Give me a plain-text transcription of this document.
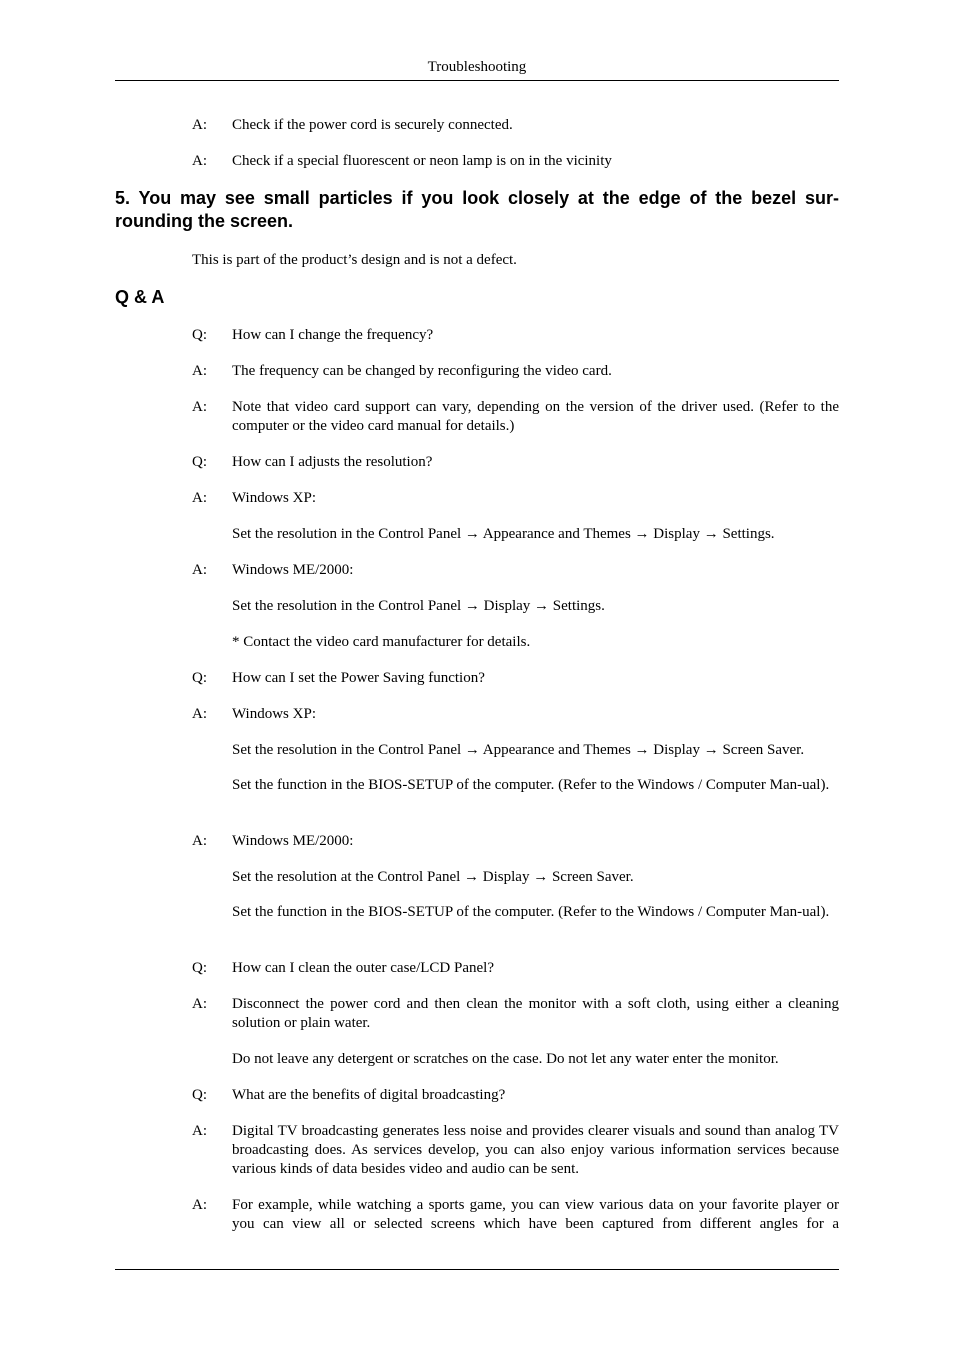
Troubleshooting
A:	Check if the power cord is securely connected.
A:	Check if a special fluorescent or neon lamp is on in the vicinity
5. You may see small particles if you look closely at the edge of the bezel sur-
rounding the screen.
This is part of the product’s design and is not a defect.
Q & A
Q:	How can I change the frequency?
A:	The frequency can be changed by reconfiguring the video card.
A:	Note that video card support can vary, depending on the version of the driver used. (Refer to the computer or the video card manual for details.)
Q:	How can I adjusts the resolution?
A:	Windows XP:
Set the resolution in the Control Panel → Appearance and Themes → Display → Settings.
A:	Windows ME/2000:
Set the resolution in the Control Panel → Display → Settings.
* Contact the video card manufacturer for details.
Q:	How can I set the Power Saving function?
A:	Windows XP:
Set the resolution in the Control Panel → Appearance and Themes → Display → Screen Saver.
Set the function in the BIOS-SETUP of the computer. (Refer to the Windows / Computer Man-ual).
A:	Windows ME/2000:
Set the resolution at the Control Panel → Display → Screen Saver.
Set the function in the BIOS-SETUP of the computer. (Refer to the Windows / Computer Man-ual).
Q:	How can I clean the outer case/LCD Panel?
A:	Disconnect the power cord and then clean the monitor with a soft cloth, using either a cleaning solution or plain water.
Do not leave any detergent or scratches on the case. Do not let any water enter the monitor.
Q:	What are the benefits of digital broadcasting?
A:	Digital TV broadcasting generates less noise and provides clearer visuals and sound than analog TV broadcasting does. As services develop, you can also enjoy various information services because various kinds of data besides video and audio can be sent.
A:	For example, while watching a sports game, you can view various data on your favorite player or you can view all or selected screens which have been captured from different angles for a
